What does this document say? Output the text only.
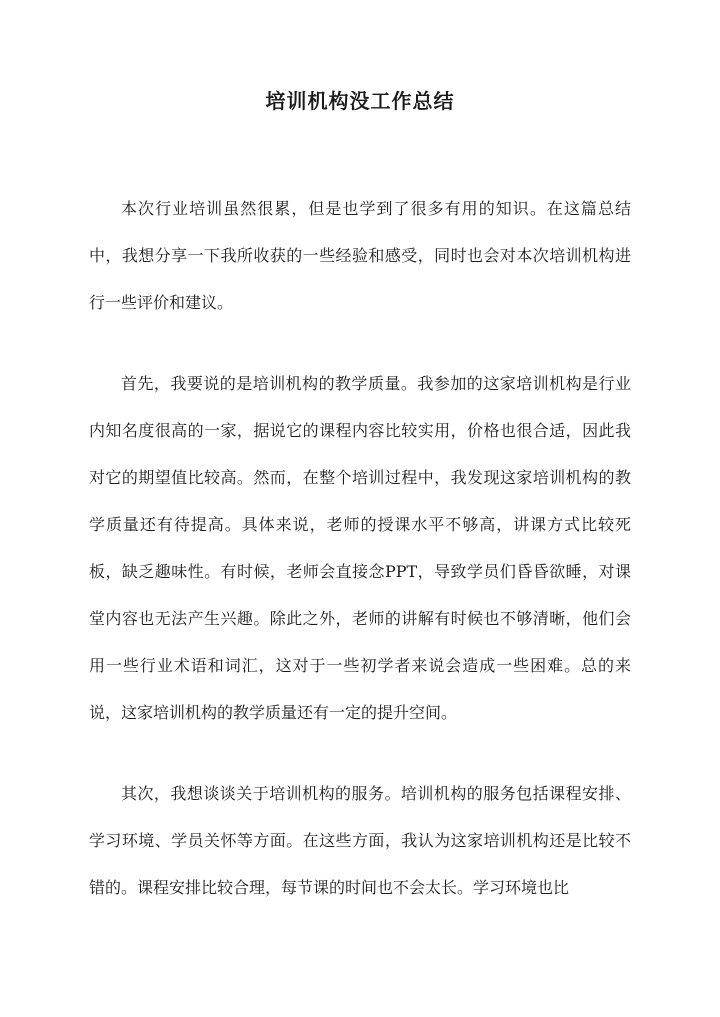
培训机构没工作总结

本次行业培训虽然很累，但是也学到了很多有用的知识。在这篇总结中，我想分享一下我所收获的一些经验和感受，同时也会对本次培训机构进行一些评价和建议。

首先，我要说的是培训机构的教学质量。我参加的这家培训机构是行业内知名度很高的一家，据说它的课程内容比较实用，价格也很合适，因此我对它的期望值比较高。然而，在整个培训过程中，我发现这家培训机构的教学质量还有待提高。具体来说，老师的授课水平不够高，讲课方式比较死板，缺乏趣味性。有时候，老师会直接念PPT，导致学员们昏昏欲睡，对课堂内容也无法产生兴趣。除此之外，老师的讲解有时候也不够清晰，他们会用一些行业术语和词汇，这对于一些初学者来说会造成一些困难。总的来说，这家培训机构的教学质量还有一定的提升空间。

其次，我想谈谈关于培训机构的服务。培训机构的服务包括课程安排、学习环境、学员关怀等方面。在这些方面，我认为这家培训机构还是比较不错的。课程安排比较合理，每节课的时间也不会太长。学习环境也比
